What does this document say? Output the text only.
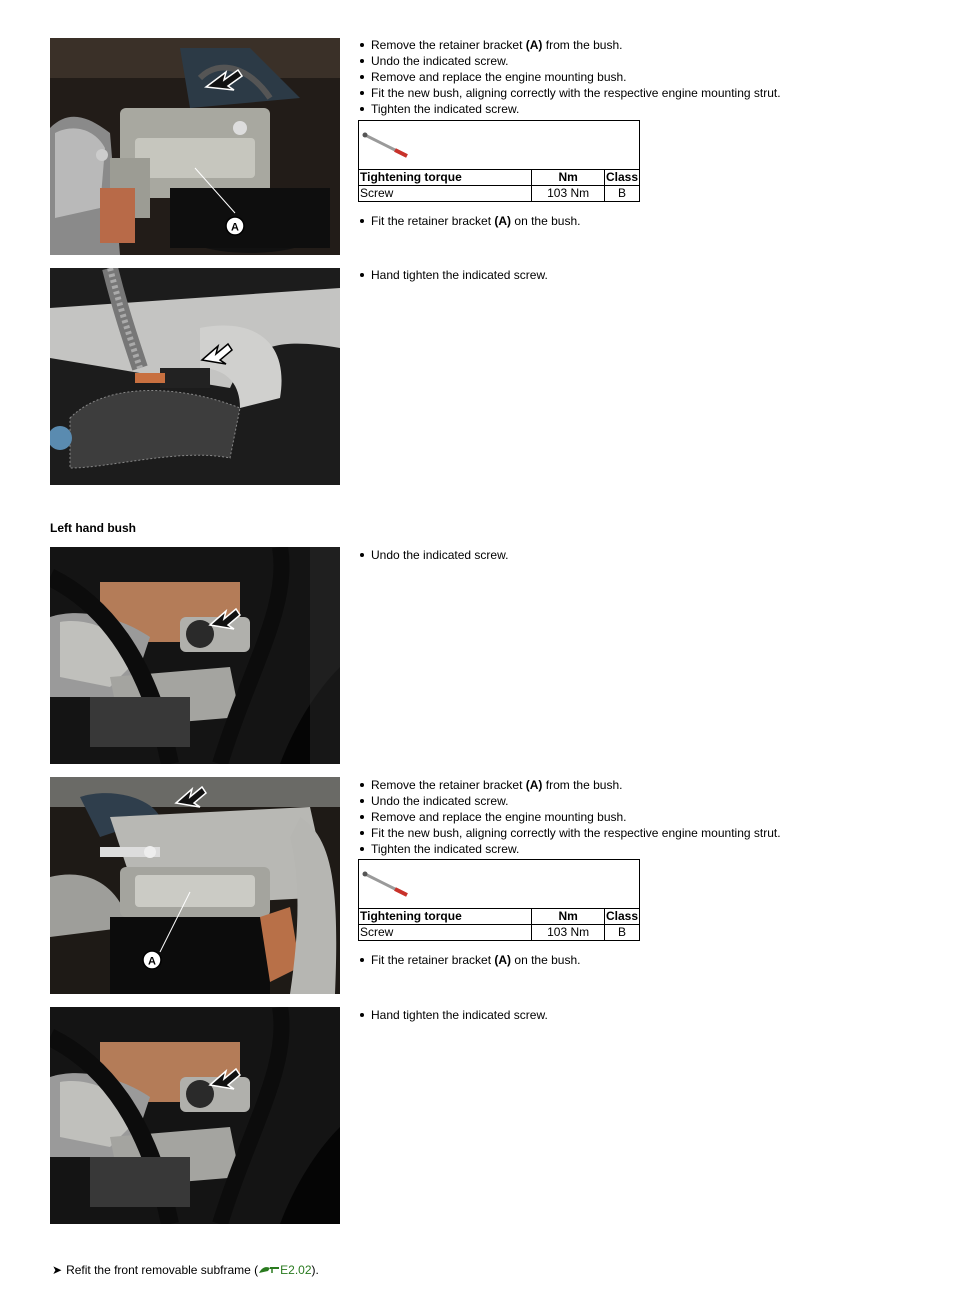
A
Remove the retainer bracket (A) from the bush.
Undo the indicated screw.
Remove and replace the engine mounting bush.
Fit the new bush, aligning correctly with the respective engine mounting strut.
Tighten the indicated screw.

Tightening torque	Nm	Class
Screw	103 Nm	B
Fit the retainer bracket (A) on the bush.
Hand tighten the indicated screw.
Left hand bush
Undo the indicated screw.
A
Remove the retainer bracket (A) from the bush.
Undo the indicated screw.
Remove and replace the engine mounting bush.
Fit the new bush, aligning correctly with the respective engine mounting strut.
Tighten the indicated screw.

Tightening torque	Nm	Class
Screw	103 Nm	B
Fit the retainer bracket (A) on the bush.
Hand tighten the indicated screw.
➤ Refit the front removable subframe ( E2.02).
